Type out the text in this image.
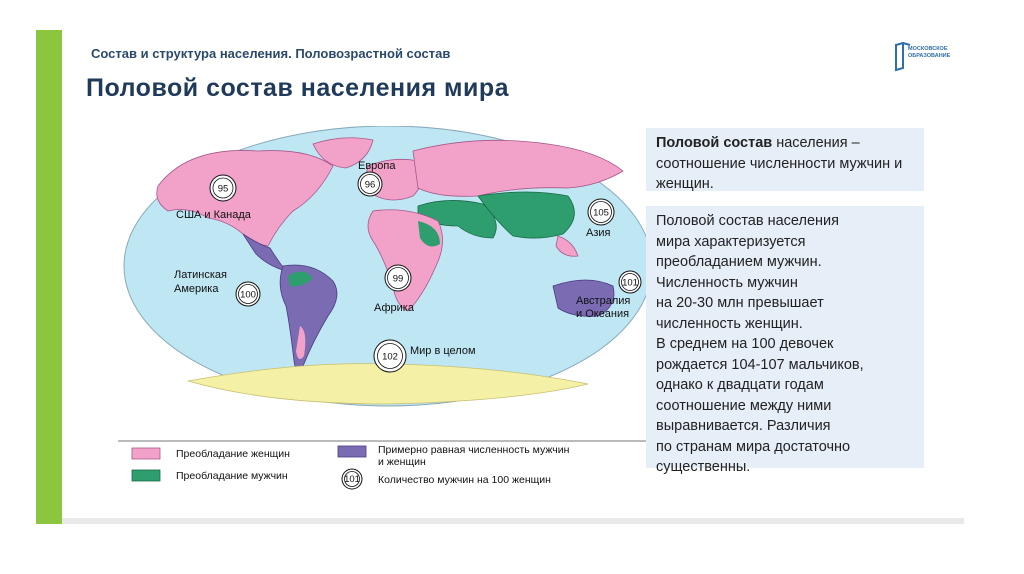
Состав и структура населения. Половозрастной состав
Половой состав населения мира
МОСКОВСКОЕ
ОБРАЗОВАНИЕ
95
США и Канада
Европа
96
105
Азия
Латинская
Америка 100
99
Африка
101
Австралия
и Океания
102 Мир в целом
Преобладание женщин
Преобладание мужчин
Примерно равная численность мужчин
и женщин
101 Количество мужчин на 100 женщин
Половой состав населения – соотношение численности мужчин и женщин.
Половой состав населения
мира характеризуется
преобладанием мужчин.
Численность мужчин
на 20-30 млн превышает
численность женщин.
В среднем на 100 девочек
рождается 104-107 мальчиков,
однако к двадцати годам
соотношение между ними
выравнивается. Различия
по странам мира достаточно
существенны.
